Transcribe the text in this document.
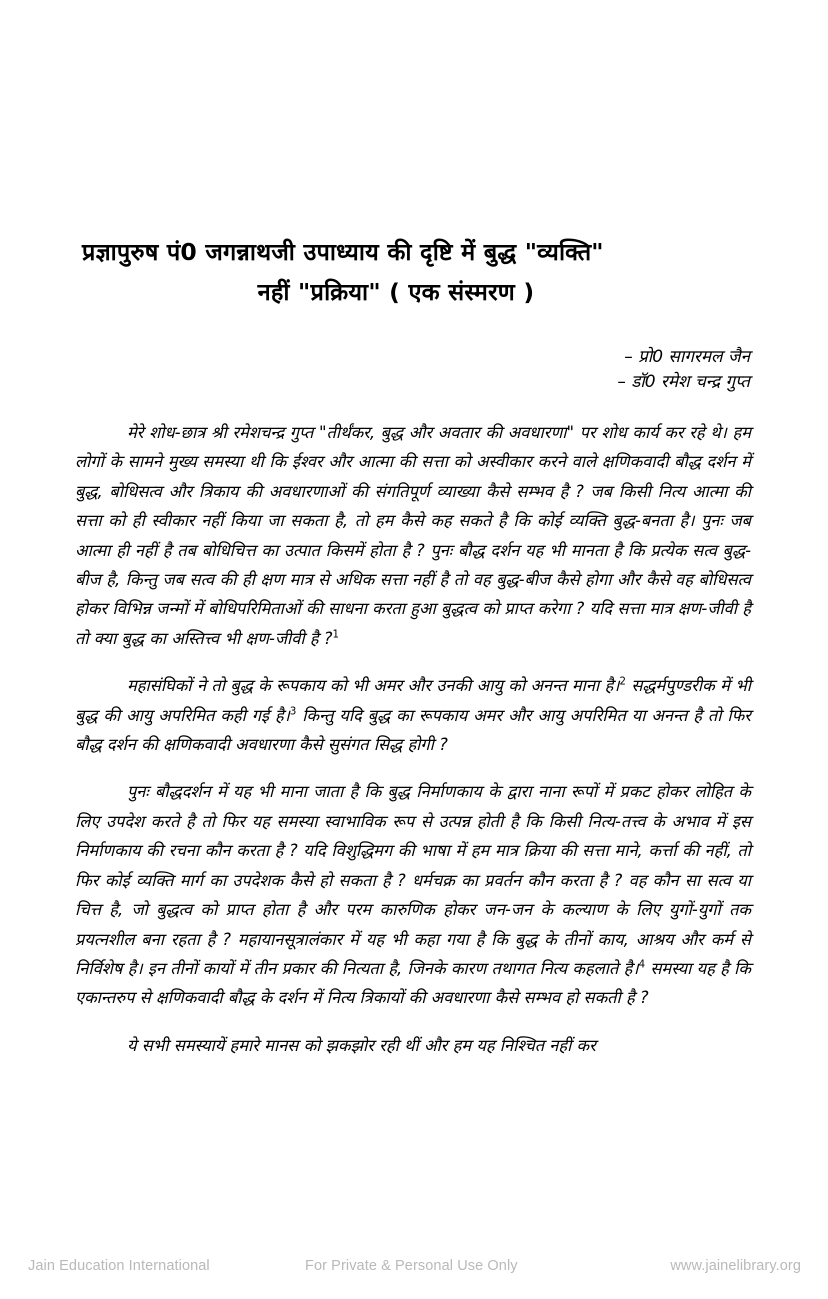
प्रज्ञापुरुष पं0 जगन्नाथजी उपाध्याय की दृष्टि में बुद्ध "व्यक्ति"
नहीं "प्रक्रिया" ( एक संस्मरण )
– प्रो0 सागरमल जैन
– डॉ0 रमेश चन्द्र गुप्त

मेरे शोध-छात्र श्री रमेशचन्द्र गुप्त "तीर्थंकर, बुद्ध और अवतार की अवधारणा" पर शोध कार्य कर रहे थे। हम लोगों के सामने मुख्य समस्या थी कि ईश्वर और आत्मा की सत्ता को अस्वीकार करने वाले क्षणिकवादी बौद्ध दर्शन में बुद्ध, बोधिसत्व और त्रिकाय की अवधारणाओं की संगतिपूर्ण व्याख्या कैसे सम्भव है ? जब किसी नित्य आत्मा की सत्ता को ही स्वीकार नहीं किया जा सकता है, तो हम कैसे कह सकते है कि कोई व्यक्ति बुद्ध-बनता है। पुनः जब आत्मा ही नहीं है तब बोधिचित्त का उत्पात किसमें होता है ? पुनः बौद्ध दर्शन यह भी मानता है कि प्रत्येक सत्व बुद्ध-बीज है, किन्तु जब सत्व की ही क्षण मात्र से अधिक सत्ता नहीं है तो वह बुद्ध-बीज कैसे होगा और कैसे वह बोधिसत्व होकर विभिन्न जन्मों में बोधिपरिमिताओं की साधना करता हुआ बुद्धत्व को प्राप्त करेगा ? यदि सत्ता मात्र क्षण-जीवी है तो क्या बुद्ध का अस्तित्त्व भी क्षण-जीवी है ?$^1$

महासंघिकों ने तो बुद्ध के रूपकाय को भी अमर और उनकी आयु को अनन्त माना है।$^2$ सद्धर्मपुण्डरीक में भी बुद्ध की आयु अपरिमित कही गई है।$^3$ किन्तु यदि बुद्ध का रूपकाय अमर और आयु अपरिमित या अनन्त है तो फिर बौद्ध दर्शन की क्षणिकवादी अवधारणा कैसे सुसंगत सिद्ध होगी ?

पुनः बौद्धदर्शन में यह भी माना जाता है कि बुद्ध निर्माणकाय के द्वारा नाना रूपों में प्रकट होकर लोहित के लिए उपदेश करते है तो फिर यह समस्या स्वाभाविक रूप से उत्पन्न होती है कि किसी नित्य-तत्त्व के अभाव में इस निर्माणकाय की रचना कौन करता है ? यदि विशुद्धिमग की भाषा में हम मात्र क्रिया की सत्ता माने, कर्त्ता की नहीं, तो फिर कोई व्यक्ति मार्ग का उपदेशक कैसे हो सकता है ? धर्मचक्र का प्रवर्तन कौन करता है ? वह कौन सा सत्व या चित्त है, जो बुद्धत्व को प्राप्त होता है और परम कारुणिक होकर जन-जन के कल्याण के लिए युगों-युगों तक प्रयत्नशील बना रहता है ? महायानसूत्रालंकार में यह भी कहा गया है कि बुद्ध के तीनों काय, आश्रय और कर्म से निर्विशेष है। इन तीनों कायों में तीन प्रकार की नित्यता है, जिनके कारण तथागत नित्य कहलाते है।$^4$ समस्या यह है कि एकान्तरुप से क्षणिकवादी बौद्ध के दर्शन में नित्य त्रिकायों की अवधारणा कैसे सम्भव हो सकती है ?

ये सभी समस्यायें हमारे मानस को झकझोर रही थीं और हम यह निश्चित नहीं कर

Jain Education International	For Private & Personal Use Only	www.jainelibrary.org
